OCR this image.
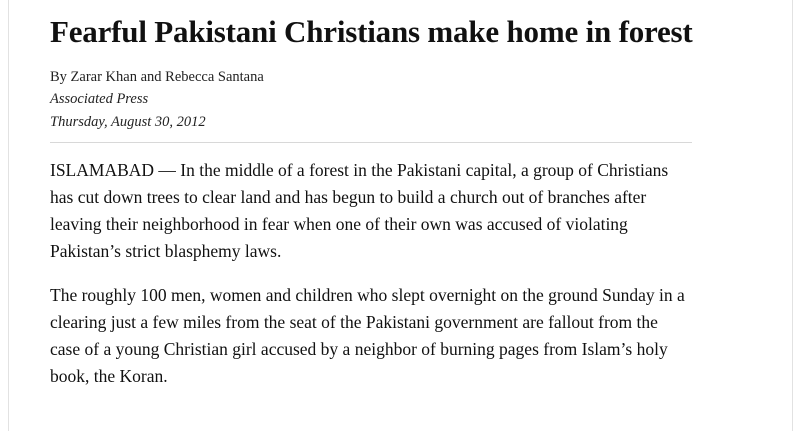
Fearful Pakistani Christians make home in forest
By Zarar Khan and Rebecca Santana
Associated Press
Thursday, August 30, 2012

ISLAMABAD — In the middle of a forest in the Pakistani capital, a group of Christians has cut down trees to clear land and has begun to build a church out of branches after leaving their neighborhood in fear when one of their own was accused of violating Pakistan’s strict blasphemy laws.

The roughly 100 men, women and children who slept overnight on the ground Sunday in a clearing just a few miles from the seat of the Pakistani government are fallout from the case of a young Christian girl accused by a neighbor of burning pages from Islam’s holy book, the Koran.
